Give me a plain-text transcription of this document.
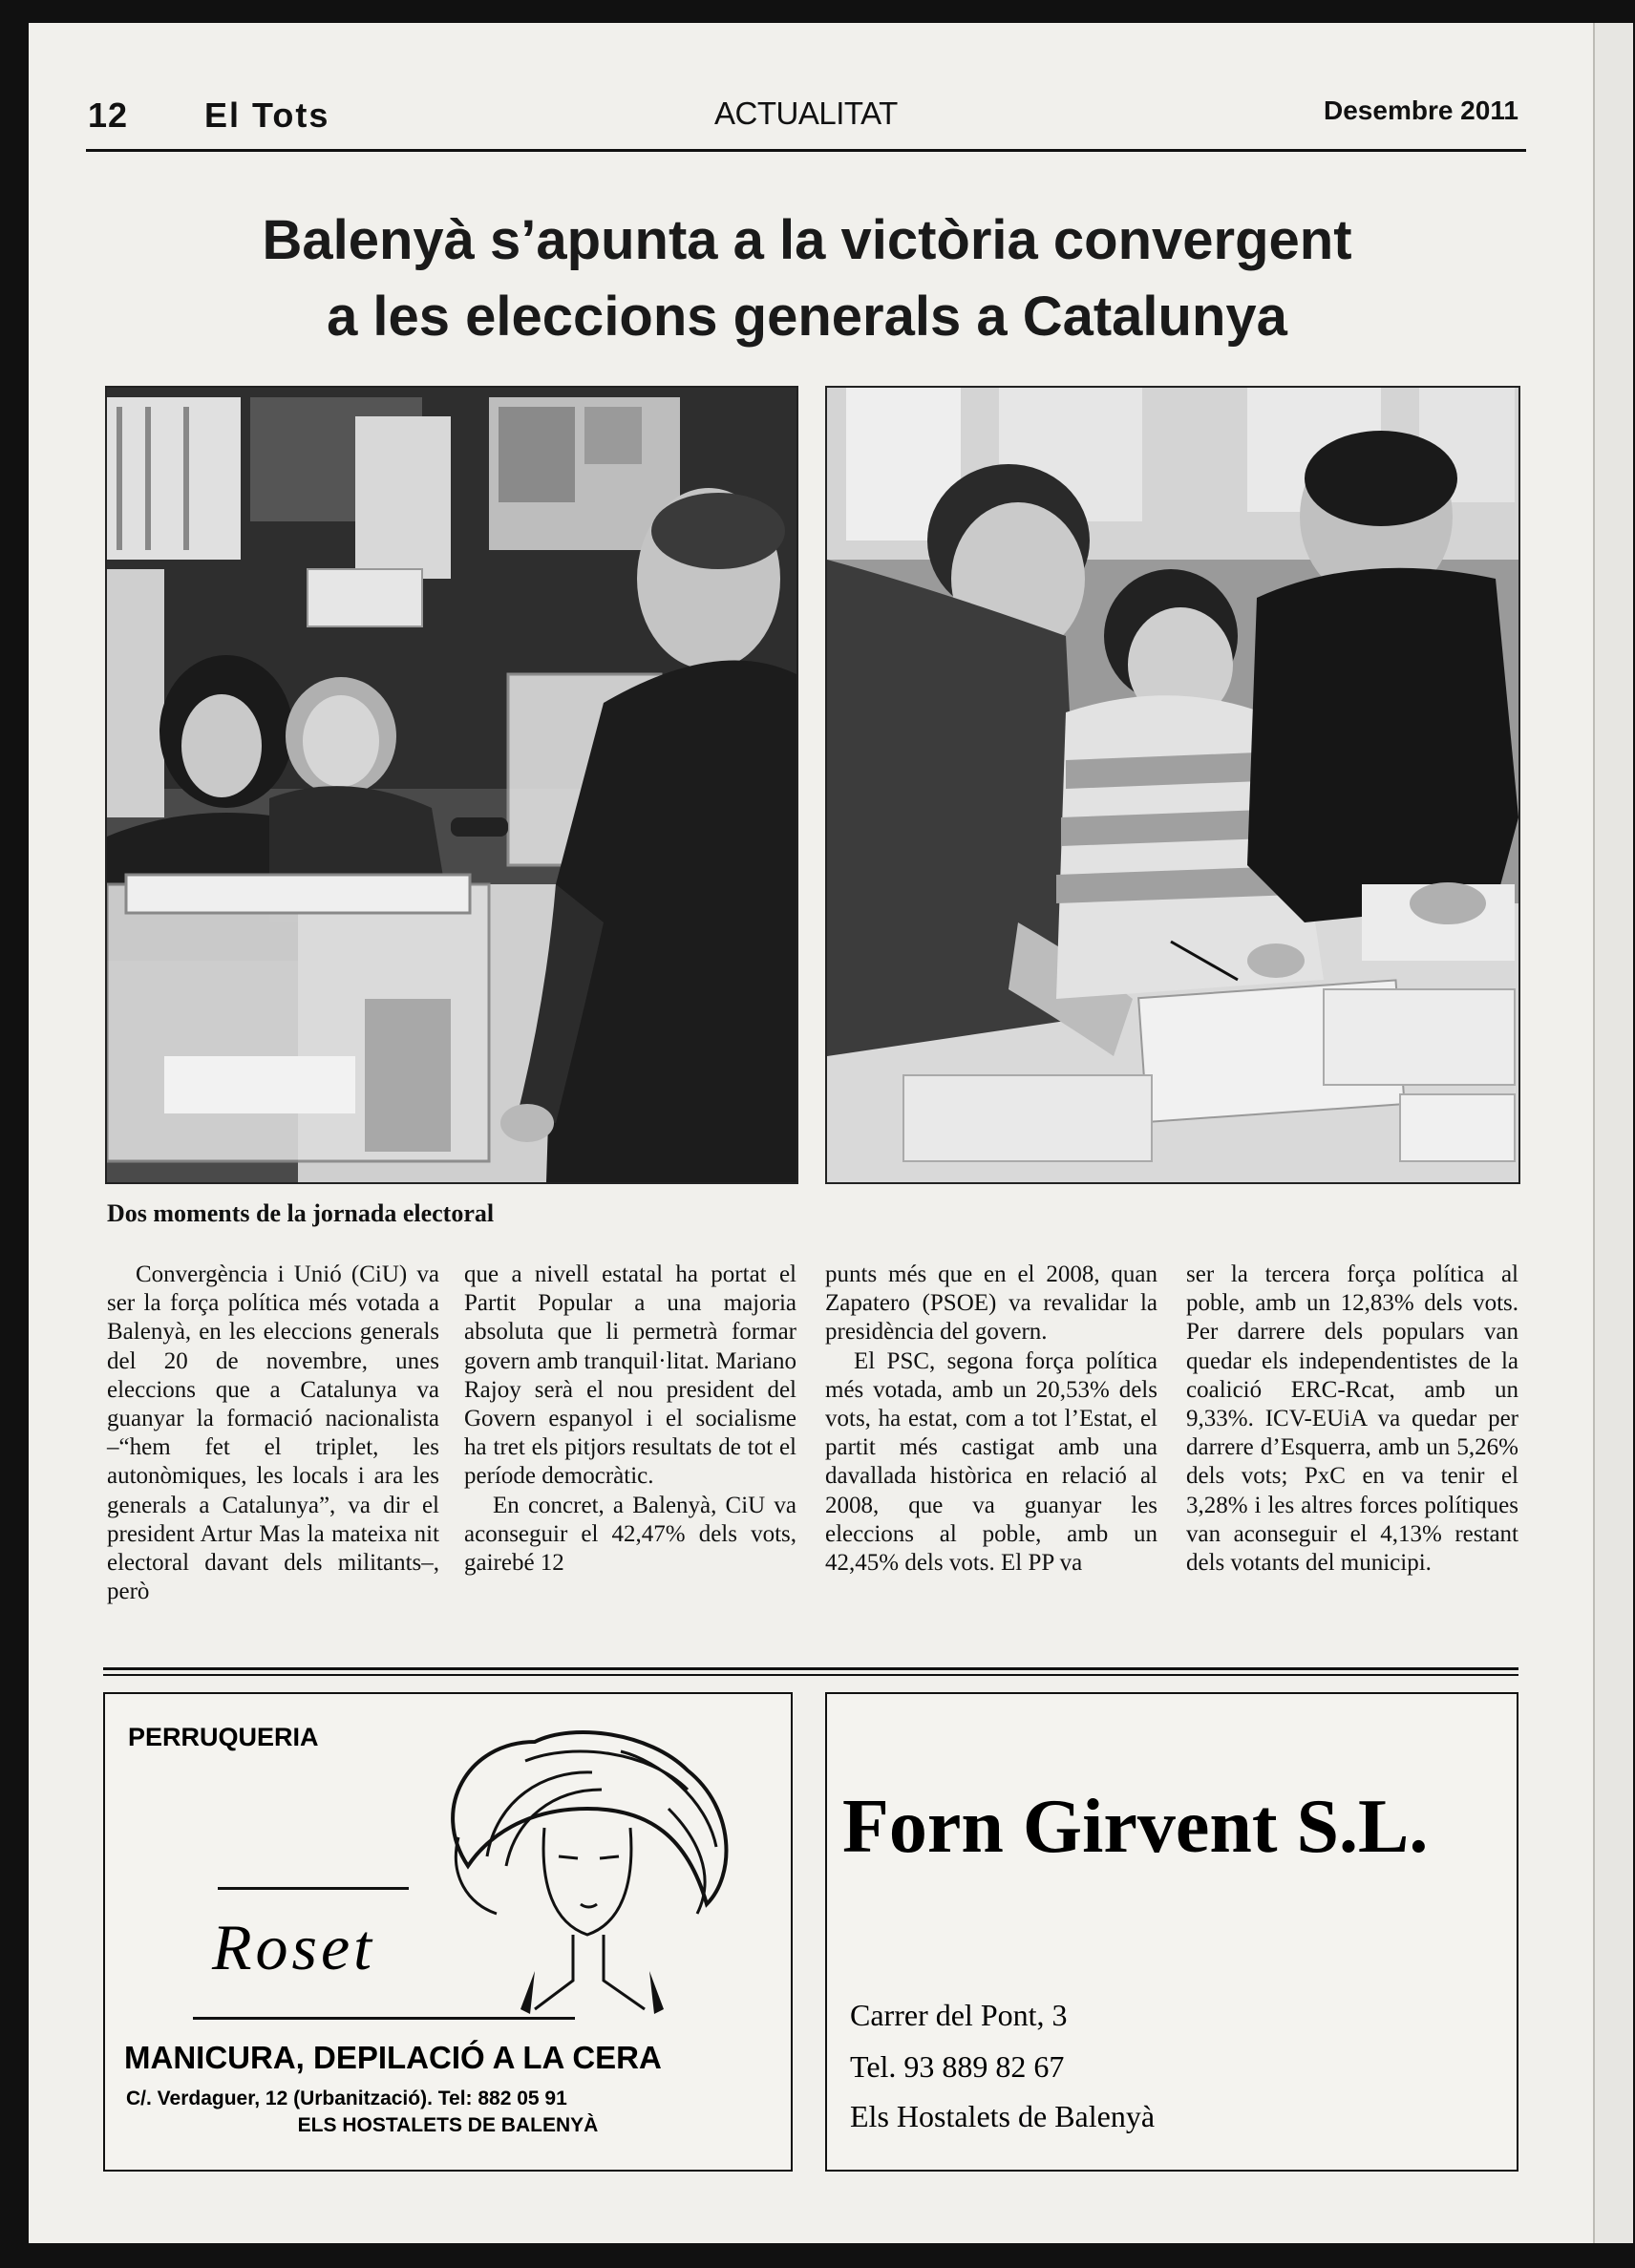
12 El Tots	ACTUALITAT	Desembre 2011
Balenyà s’apunta a la victòria convergent
a les eleccions generals a Catalunya
Dos moments de la jornada electoral

Convergència i Unió (CiU) va ser la força política més votada a Balenyà, en les eleccions generals del 20 de novembre, unes eleccions que a Catalunya va guanyar la formació nacionalista –“hem fet el triplet, les autonòmiques, les locals i ara les generals a Catalunya”, va dir el president Artur Mas la mateixa nit electoral davant dels militants–, però

que a nivell estatal ha portat el Partit Popular a una majoria absoluta que li permetrà formar govern amb tranquil·litat. Mariano Rajoy serà el nou president del Govern espanyol i el socialisme ha tret els pitjors resultats de tot el període democràtic.

En concret, a Balenyà, CiU va aconseguir el 42,47% dels vots, gairebé 12

punts més que en el 2008, quan Zapatero (PSOE) va revalidar la presidència del govern.

El PSC, segona força política més votada, amb un 20,53% dels vots, ha estat, com a tot l’Estat, el partit més castigat amb una davallada històrica en relació al 2008, que va guanyar les eleccions al poble, amb un 42,45% dels vots. El PP va

ser la tercera força política al poble, amb un 12,83% dels vots. Per darrere dels populars van quedar els independentistes de la coalició ERC-Rcat, amb un 9,33%. ICV-EUiA va quedar per darrere d’Esquerra, amb un 5,26% dels vots; PxC en va tenir el 3,28% i les altres forces polítiques van aconseguir el 4,13% restant dels votants del municipi.

PERRUQUERIA
Roset
MANICURA, DEPILACIÓ A LA CERA
C/. Verdaguer, 12 (Urbanització). Tel: 882 05 91
ELS HOSTALETS DE BALENYÀ
Forn Girvent S.L.
Carrer del Pont, 3
Tel. 93 889 82 67
Els Hostalets de Balenyà
